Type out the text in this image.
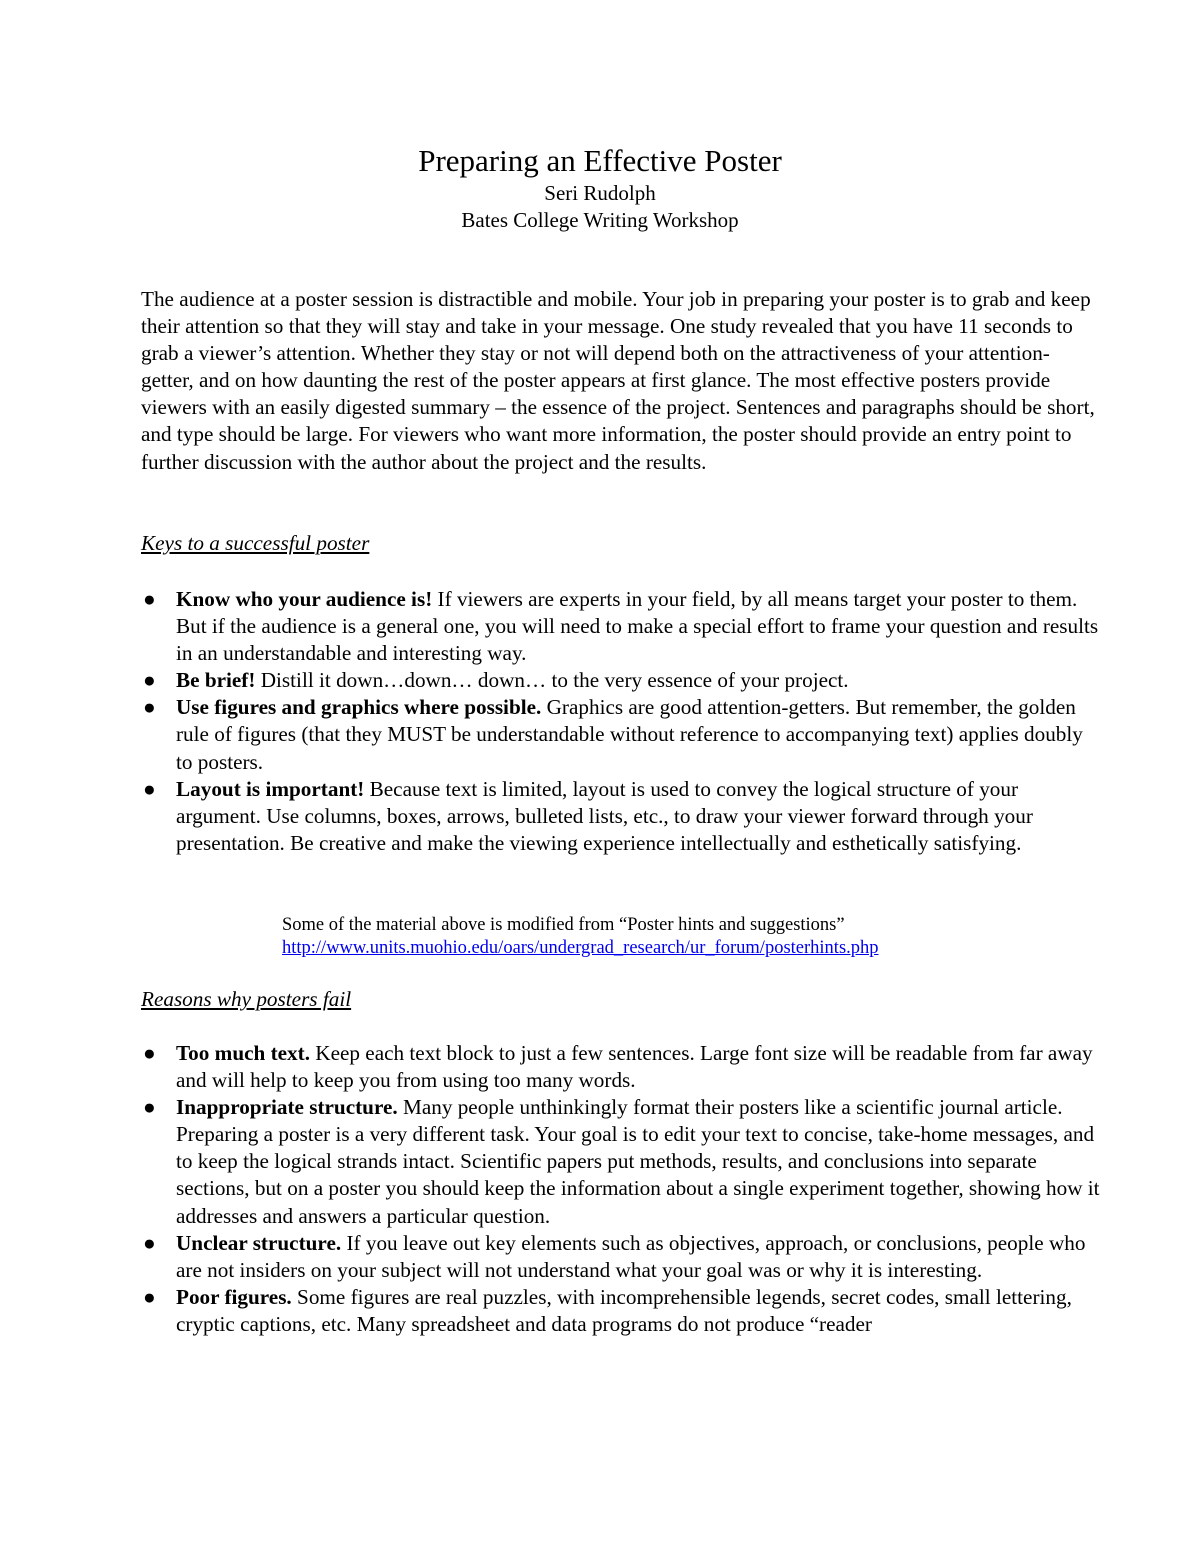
Preparing an Effective Poster
Seri Rudolph
Bates College Writing Workshop

The audience at a poster session is distractible and mobile. Your job in preparing your poster is to grab and keep their attention so that they will stay and take in your message. One study revealed that you have 11 seconds to grab a viewer’s attention. Whether they stay or not will depend both on the attractiveness of your attention-getter, and on how daunting the rest of the poster appears at first glance. The most effective posters provide viewers with an easily digested summary – the essence of the project. Sentences and paragraphs should be short, and type should be large. For viewers who want more information, the poster should provide an entry point to further discussion with the author about the project and the results.

Keys to a successful poster

● Know who your audience is! If viewers are experts in your field, by all means target your poster to them. But if the audience is a general one, you will need to make a special effort to frame your question and results in an understandable and interesting way.
● Be brief! Distill it down…down… down… to the very essence of your project.
● Use figures and graphics where possible. Graphics are good attention-getters. But remember, the golden rule of figures (that they MUST be understandable without reference to accompanying text) applies doubly to posters.
● Layout is important! Because text is limited, layout is used to convey the logical structure of your argument. Use columns, boxes, arrows, bulleted lists, etc., to draw your viewer forward through your presentation. Be creative and make the viewing experience intellectually and esthetically satisfying.
Some of the material above is modified from “Poster hints and suggestions”
http://www.units.muohio.edu/oars/undergrad_research/ur_forum/posterhints.php

Reasons why posters fail

● Too much text. Keep each text block to just a few sentences. Large font size will be readable from far away and will help to keep you from using too many words.
● Inappropriate structure. Many people unthinkingly format their posters like a scientific journal article. Preparing a poster is a very different task. Your goal is to edit your text to concise, take-home messages, and to keep the logical strands intact. Scientific papers put methods, results, and conclusions into separate sections, but on a poster you should keep the information about a single experiment together, showing how it addresses and answers a particular question.
● Unclear structure. If you leave out key elements such as objectives, approach, or conclusions, people who are not insiders on your subject will not understand what your goal was or why it is interesting.
● Poor figures. Some figures are real puzzles, with incomprehensible legends, secret codes, small lettering, cryptic captions, etc. Many spreadsheet and data programs do not produce “reader
